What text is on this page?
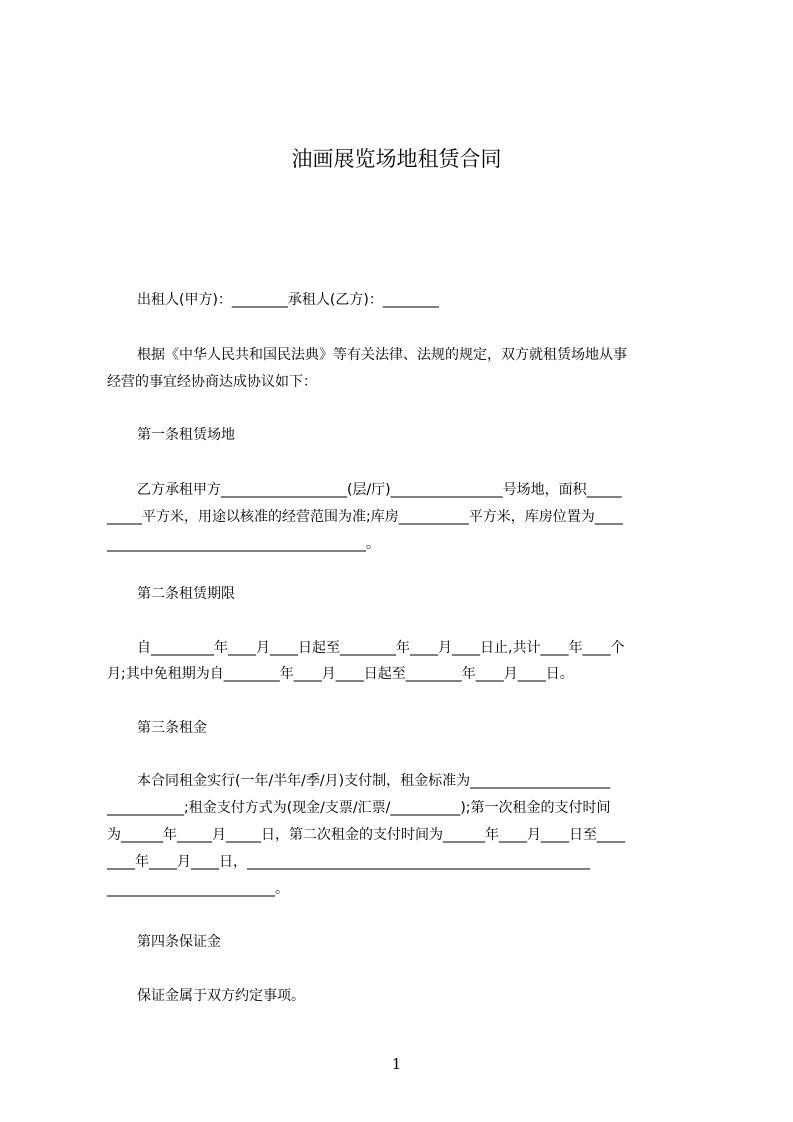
油画展览场地租赁合同
出租人(甲方)：________承租人(乙方)：________
根据《中华人民共和国民法典》等有关法律、法规的规定，双方就租赁场地从事
经营的事宜经协商达成协议如下：
第一条租赁场地
乙方承租甲方__________________(层/厅)________________号场地，面积_____
_____平方米，用途以核准的经营范围为准;库房__________平方米，库房位置为____
_____________________________________。
第二条租赁期限
自_________年____月____日起至________年____月____日止,共计____年____个
月;其中免租期为自________年____月____日起至________年____月____日。
第三条租金
本合同租金实行(一年/半年/季/月)支付制，租金标准为____________________
___________;租金支付方式为(现金/支票/汇票/__________);第一次租金的支付时间
为______年_____月_____日，第二次租金的支付时间为______年____月____日至____
____年____月____日，_________________________________________________
________________________。
第四条保证金
保证金属于双方约定事项。
1
